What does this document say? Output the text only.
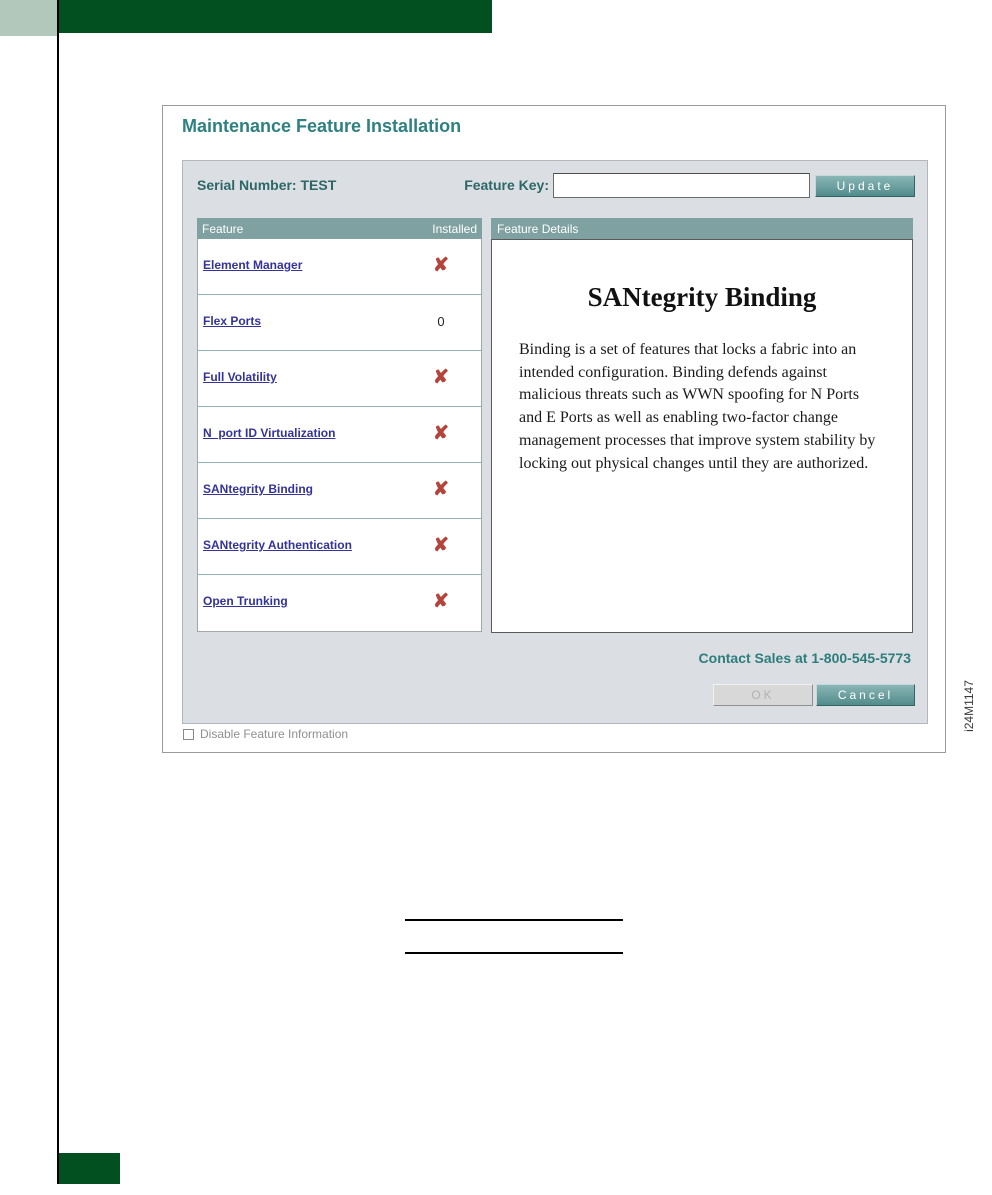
Maintenance Feature Installation
Serial Number: TEST	Feature Key:	Update
Feature	Installed
Element Manager	✘
Flex Ports	0
Full Volatility	✘
N_port ID Virtualization	✘
SANtegrity Binding	✘
SANtegrity Authentication	✘
Open Trunking	✘
Feature Details
SANtegrity Binding
Binding is a set of features that locks a fabric into an intended configuration. Binding defends against malicious threats such as WWN spoofing for N Ports and E Ports as well as enabling two-factor change management processes that improve system stability by locking out physical changes until they are authorized.
Contact Sales at 1-800-545-5773
OK	Cancel
Disable Feature Information
i24M1147
